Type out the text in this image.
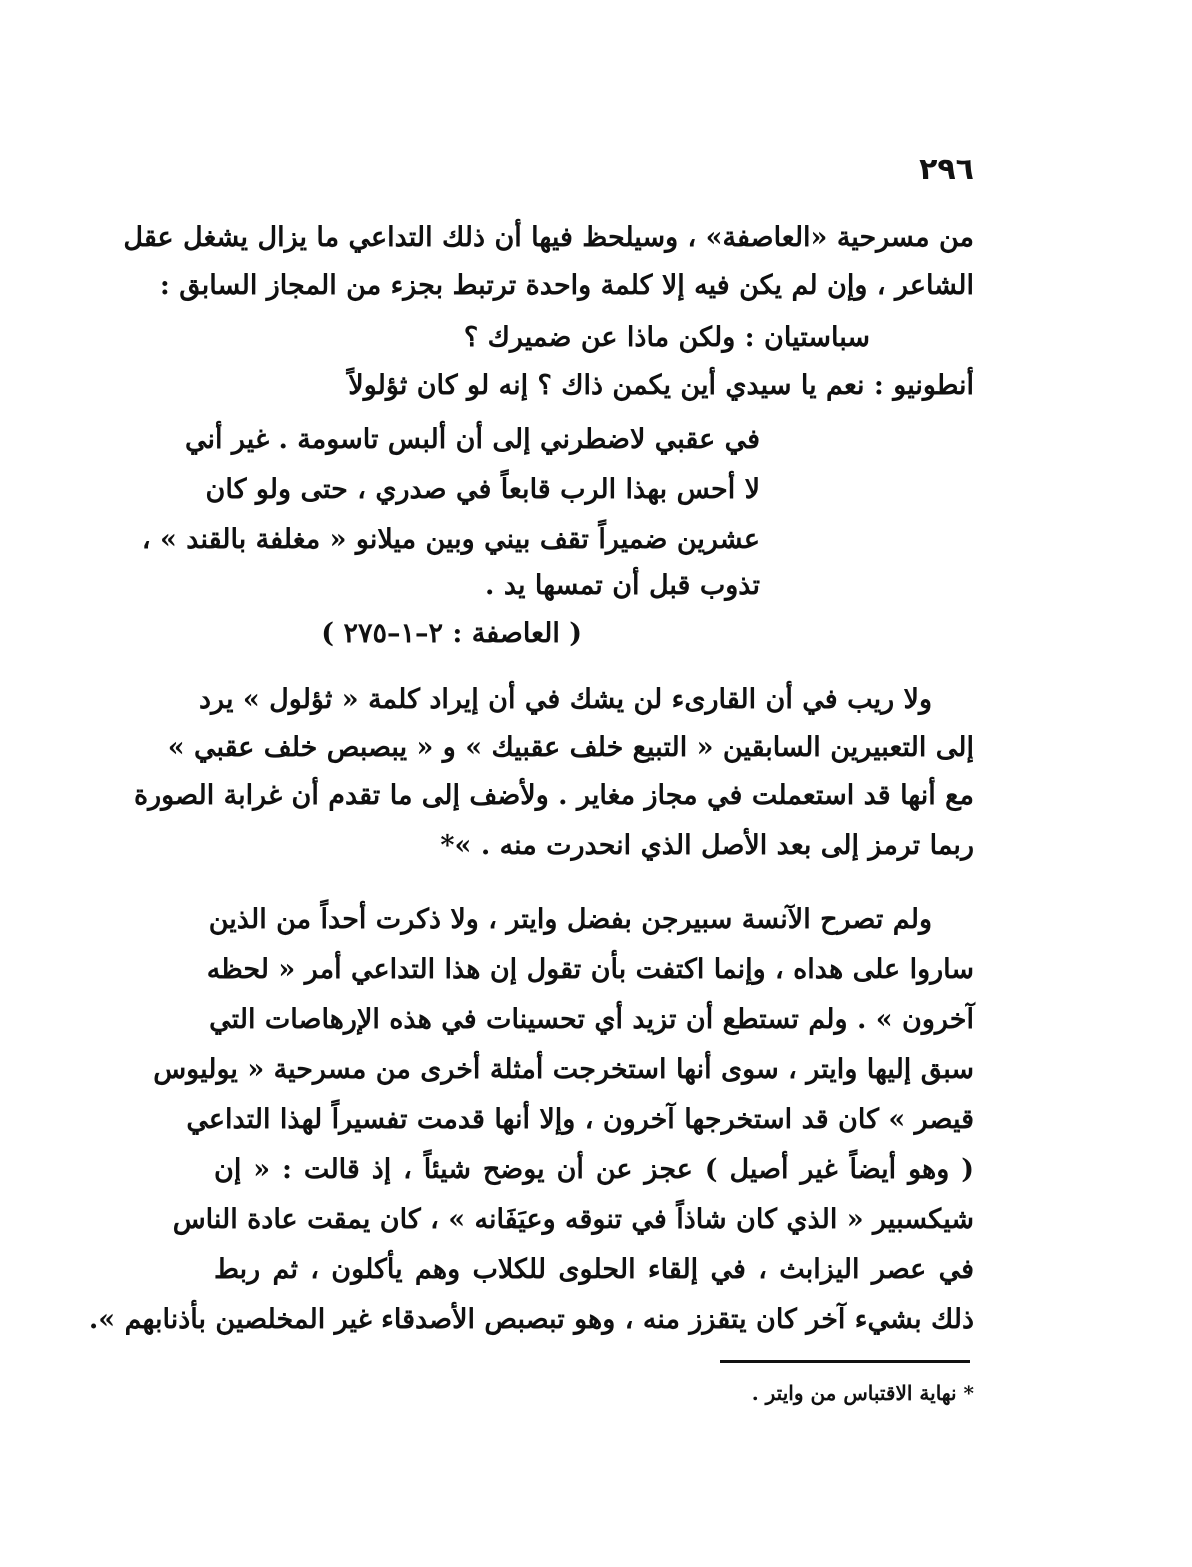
٢٩٦
من مسرحية «العاصفة» ، وسيلحظ فيها أن ذلك التداعي ما يزال يشغل عقل
الشاعر ، وإن لم يكن فيه إلا كلمة واحدة ترتبط بجزء من المجاز السابق :
سباستيان : ولكن ماذا عن ضميرك ؟
أنطونيو : نعم يا سيدي أين يكمن ذاك ؟ إنه لو كان ثؤلولاً
في عقبي لاضطرني إلى أن ألبس تاسومة . غير أني
لا أحس بهذا الرب قابعاً في صدري ، حتى ولو كان
عشرين ضميراً تقف بيني وبين ميلانو « مغلفة بالقند » ،
تذوب قبل أن تمسها يد .
( العاصفة : ٢–١–٢٧٥ )
ولا ريب في أن القارىء لن يشك في أن إيراد كلمة « ثؤلول » يرد
إلى التعبيرين السابقين « التبيع خلف عقبيك » و « يبصبص خلف عقبي »
مع أنها قد استعملت في مجاز مغاير . ولأضف إلى ما تقدم أن غرابة الصورة
ربما ترمز إلى بعد الأصل الذي انحدرت منه . »*
ولم تصرح الآنسة سبيرجن بفضل وايتر ، ولا ذكرت أحداً من الذين
ساروا على هداه ، وإنما اكتفت بأن تقول إن هذا التداعي أمر « لحظه
آخرون » . ولم تستطع أن تزيد أي تحسينات في هذه الإرهاصات التي
سبق إليها وايتر ، سوى أنها استخرجت أمثلة أخرى من مسرحية « يوليوس
قيصر » كان قد استخرجها آخرون ، وإلا أنها قدمت تفسيراً لهذا التداعي
( وهو أيضاً غير أصيل ) عجز عن أن يوضح شيئاً ، إذ قالت : « إن
شيكسبير « الذي كان شاذاً في تنوقه وعيَفَانه » ، كان يمقت عادة الناس
في عصر اليزابث ، في إلقاء الحلوى للكلاب وهم يأكلون ، ثم ربط
ذلك بشيء آخر كان يتقزز منه ، وهو تبصبص الأصدقاء غير المخلصين بأذنابهم ».
* نهاية الاقتباس من وايتر .
